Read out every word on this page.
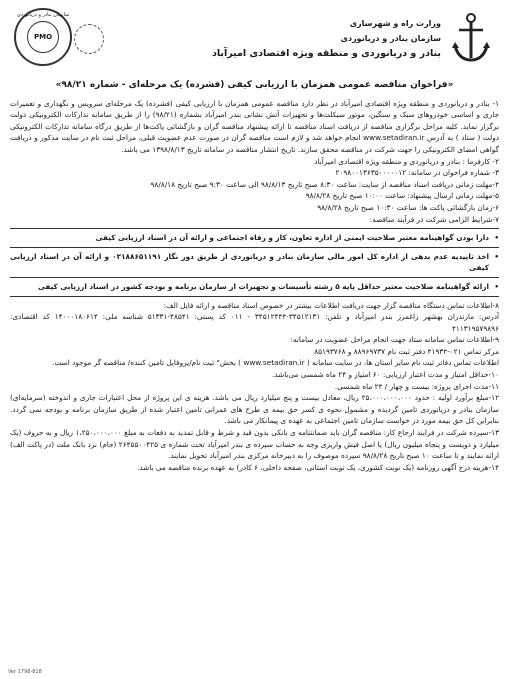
سازمان بنادر و دریانوردی
PMO
وزارت راه و شهرسازی
سازمان بنادر و دریانوردی
بنادر و دریانوردی و منطقه ویژه اقتصادی امیرآباد
«فراخوان مناقصه عمومی همزمان با ارزیابی کیفی (فشرده) یک مرحله‌ای - شماره ۹۸/۲۱»

۱- بنادر و دریانوردی و منطقه ویژه اقتصادی امیرآباد در نظر دارد مناقصه عمومی همزمان با ارزیابی کیفی (فشرده) یک مرحله‌ای سرویس و نگهداری و تعمیرات جاری و اساسی خودروهای سبک و سنگین، موتور سیکلت‌ها و تجهیزات آتش نشانی بندر امیرآباد بشماره (۹۸/۲۱) را از طریق سامانه تدارکات الکترونیکی دولت برگزار نماید. کلیه مراحل برگزاری مناقصه از دریافت اسناد مناقصه تا ارائه پیشنهاد مناقصه گران و بازگشائی پاکت‌ها از طریق درگاه سامانه تدارکات الکترونیکی دولت ( ستاد ) به آدرس www.setadiran.ir انجام خواهد شد و لازم است مناقصه گران در صورت عدم عضویت قبلی، مراحل ثبت نام در سایت مذکور و دریافت گواهی امضای الکترونیکی را جهت شرکت در مناقصه محقق سازند. تاریخ انتشار مناقصه در سامانه تاریخ ۱۳۹۸/۸/۱۳ می باشد.

۲- کارفرما : بنادر و دریانوردی و منطقه ویژه اقتصادی امیرآباد

۳- شماره فراخوان در سامانه: ۲۰۹۸۰۰۱۳۶۳۵۰۰۰۰۰۱۲

۴-مهلت زمانی دریافت اسناد مناقصه از سایت: ساعت ۸:۳۰ صبح تاریخ ۹۸/۸/۱۳ الی ساعت ۹:۳۰ صبح تاریخ ۹۸/۸/۱۸

۵-مهلت زمانی ارسال پیشنهاد: ساعت ۱۰:۰۰ صبح تاریخ ۹۸/۸/۲۸

۶-زمان بازگشائی پاکت ها: ساعت ۱۰:۳۰ صبح تاریخ ۹۸/۸/۲۸

۷-شرایط الزامی شرکت در فرآیند مناقصه:

• دارا بودن گواهینامه معتبر صلاحیت ایمنی از اداره تعاون، کار و رفاه اجتماعی و ارائه آن در اسناد ارزیابی کیفی

• اخذ تاییدیه عدم بدهی از اداره کل امور مالی سازمان بنادر و دریانوردی از طریق دور نگار ۰۲۱۸۸۶۵۱۱۹۱ و ارائه آن در اسناد ارزیابی کیفی

• ارائه گواهینامه صلاحیت معتبر حداقل پایه ۵ رشته تأسیسات و تجهیزات از سازمان برنامه و بودجه کشور در اسناد ارزیابی کیفی

۸-اطلاعات تماس دستگاه مناقصه گزار جهت دریافت اطلاعات بیشتر در خصوص اسناد مناقصه و ارائه فایل الف:

آدرس: مازندران بهشهر زاغمرز بندر امیرآباد و تلفن: ۳۴۵۱۲۱۳۱-۳۴۵۱۲۴۴۴ - ۰۱۱ کد پستی: ۴۸۵۴۱-۵۱۳۳۱ شناسه ملی: ۱۴۰۰۰۱۸۰۶۱۴ کد اقتصادی: ۴۱۱۳۱۹۵۷۹۸۹۶

۹-اطلاعات تماس سامانه ستاد جهت انجام مراحل عضویت در سامانه:

مرکز تماس ۰۲۱-۴۱۹۳۴ دفتر ثبت نام ۸۸۹۶۹۷۳۷ و ۸۵۱۹۳۷۶۸

اطلاعات تماس دفاتر ثبت نام سایر استان ها، در سایت سامانه ( www.setadiran.ir ) بخش" ثبت نام/پروفایل تامین کننده/ مناقصه گر موجود است.

۱۰-حداقل امتیاز و مدت اعتبار ارزیابی: ۶۰ امتیاز و ۲۴ ماه شمسی می‌باشد.

۱۱-مدت اجرای پروژه: بیست و چهار / ۲۴ ماه شمسی.

۱۲-مبلغ برآورد اولیه : حدود ۲۵،۰۰۰،۰۰۰،۰۰۰ ریال، معادل بیست و پنج میلیارد ریال می باشد. هزینه ی این پروژه از محل اعتبارات جاری و اندوخته (سرمایه‌ای) سازمان بنادر و دریانوردی تامین گردیده و مشمول نحوه ی کسر حق بیمه ی طرح های عمرانی تامین اعتبار شده از طریق سازمان برنامه و بودجه نمی گردد. بنابراین کل حق بیمه مورد در خواست سازمان تامین اجتماعی به عهده ی پیمانکار می باشد.

۱۳-سپرده شرکت در فرایند ارجاع کار: مناقصه گران باید ضمانتنامه ی بانکی بدون قید و شرط و قابل تمدید به دفعات به مبلغ ۱،۲۵۰،۰۰۰،۰۰۰ ریال و به حروف (یک میلیارد و دویست و پنجاه میلیون ریال) یا اصل فیش واریزی وجه به حساب سپرده ی بندر امیرآباد تحت شماره ی ۲۶۴۵۵۰۰۴۲۵ (جام) نزد بانک ملت (در پاکت الف) ارائه نمایند و تا ساعت ۱۰ صبح تاریخ ۹۸/۸/۲۸ سپرده موصوف را به دبیرخانه مرکزی بندر امیرآباد تحویل نمایند.

۱۴-هزینه درج آگهی روزنامه (یک نوبت کشوری، یک نوبت استانی، صفحه داخلی، ۶ کادر) به عهده برنده مناقصه می باشد.

Ver 1798-818
